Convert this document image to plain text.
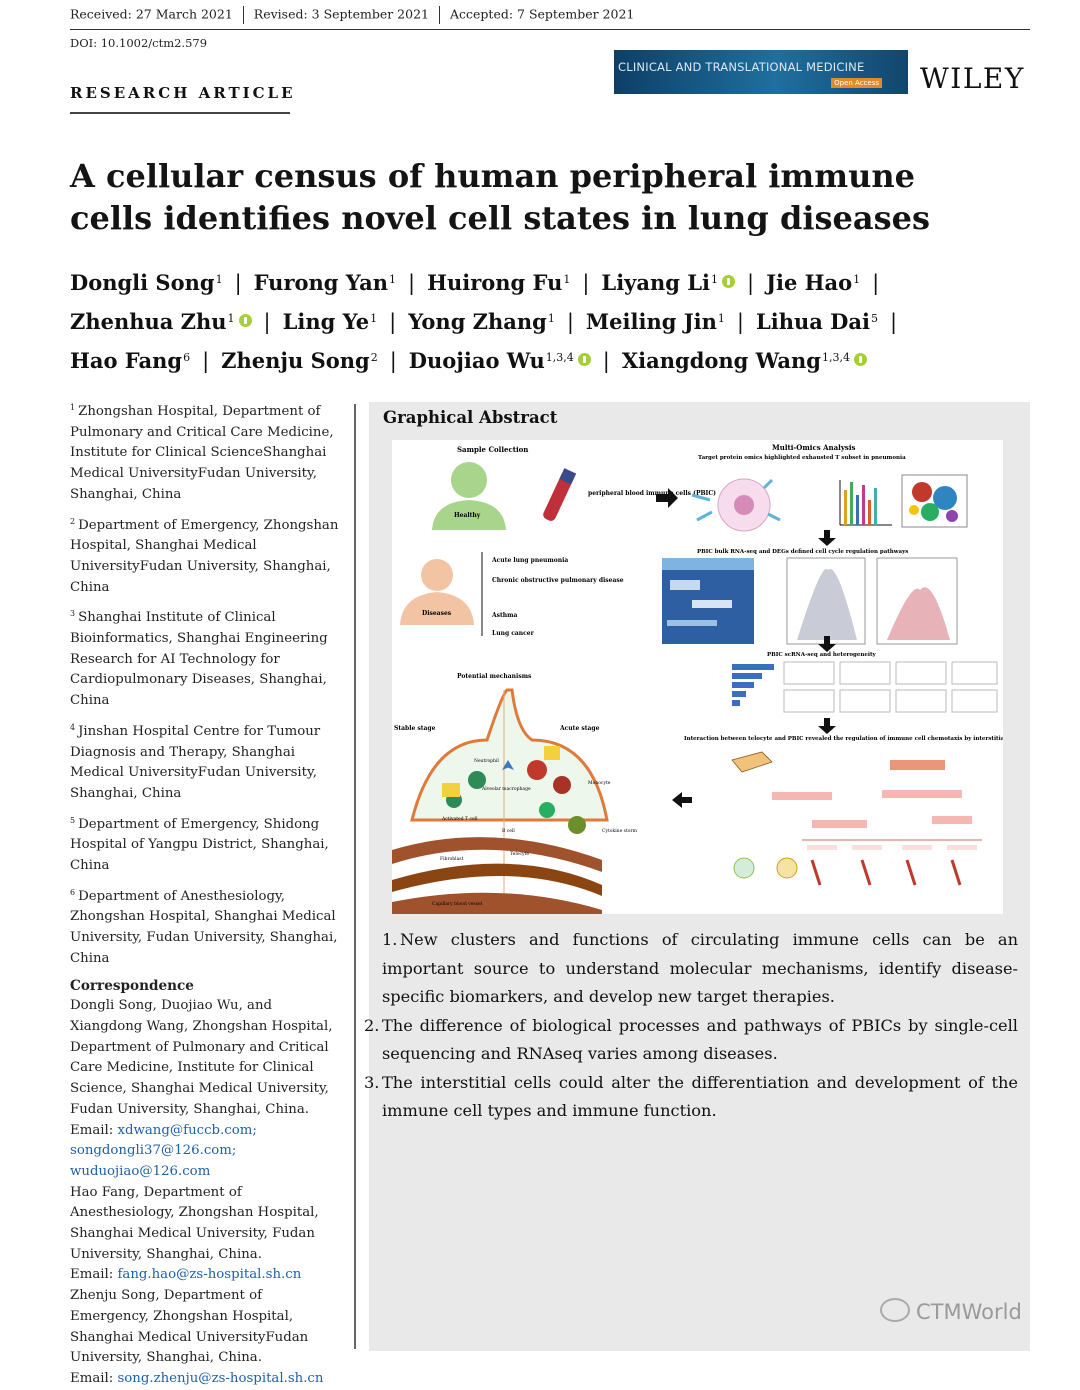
Received: 27 March 2021 Revised: 3 September 2021 Accepted: 7 September 2021
DOI: 10.1002/ctm2.579
RESEARCH ARTICLE
CLINICAL AND TRANSLATIONAL MEDICINE
Open Access WILEY
A cellular census of human peripheral immune cells identifies novel cell states in lung diseases
Dongli Song$^1$ | Furong Yan$^1$ | Huirong Fu$^1$ | Liyang Li$^1$ | Jie Hao$^1$ |
Zhenhua Zhu$^1$ | Ling Ye$^1$ | Yong Zhang$^1$ | Meiling Jin$^1$ | Lihua Dai$^5$ |
Hao Fang$^6$ | Zhenju Song$^2$ | Duojiao Wu$^{1,3,4}$ | Xiangdong Wang$^{1,3,4}$
$^1$ Zhongshan Hospital, Department of Pulmonary and Critical Care Medicine, Institute for Clinical ScienceShanghai Medical UniversityFudan University, Shanghai, China
$^2$ Department of Emergency, Zhongshan Hospital, Shanghai Medical UniversityFudan University, Shanghai, China
$^3$ Shanghai Institute of Clinical Bioinformatics, Shanghai Engineering Research for AI Technology for Cardiopulmonary Diseases, Shanghai, China
$^4$ Jinshan Hospital Centre for Tumour Diagnosis and Therapy, Shanghai Medical UniversityFudan University, Shanghai, China
$^5$ Department of Emergency, Shidong Hospital of Yangpu District, Shanghai, China
$^6$ Department of Anesthesiology, Zhongshan Hospital, Shanghai Medical University, Fudan University, Shanghai, China
Correspondence
Dongli Song, Duojiao Wu, and Xiangdong Wang, Zhongshan Hospital, Department of Pulmonary and Critical Care Medicine, Institute for Clinical Science, Shanghai Medical University, Fudan University, Shanghai, China.
Email: xdwang@fuccb.com; songdongli37@126.com; wuduojiao@126.com
Hao Fang, Department of Anesthesiology, Zhongshan Hospital, Shanghai Medical University, Fudan University, Shanghai, China.
Email: fang.hao@zs-hospital.sh.cn
Zhenju Song, Department of Emergency, Zhongshan Hospital, Shanghai Medical UniversityFudan University, Shanghai, China.
Email: song.zhenju@zs-hospital.sh.cn
Graphical Abstract
Sample Collection
Healthy
peripheral blood immune cells (PBIC)
Multi-Omics Analysis
Target protein omics highlighted exhausted T subset in pneumonia
PBIC bulk RNA-seq and DEGs defined cell cycle regulation pathways
Acute lung pneumonia
Chronic obstructive pulmonary disease
Asthma
Lung cancer
Diseases
PBIC scRNA-seq and heterogeneity
Potential mechanisms
Interaction between telocyte and PBIC revealed the regulation of immune cell chemotaxis by interstitial telocyte
Stable stage	Acute stage
Neutrophil
Monocyte
Alveolar macrophage
Activated T cell
B cell	Cytokine storm
Fibroblast
Telocyte
Capillary blood vessel
1. New clusters and functions of circulating immune cells can be an important source to understand molecular mechanisms, identify disease-specific biomarkers, and develop new target therapies.
2. The difference of biological processes and pathways of PBICs by single-cell sequencing and RNAseq varies among diseases.
3. The interstitial cells could alter the differentiation and development of the immune cell types and immune function.
CTMWorld
